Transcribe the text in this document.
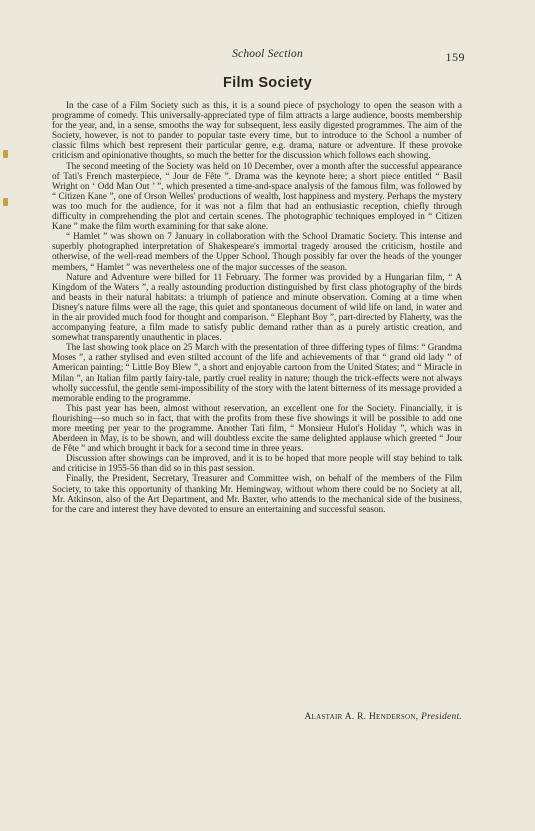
School Section	159
Film Society

In the case of a Film Society such as this, it is a sound piece of psychology to open the season with a programme of comedy. This universally-appreciated type of film attracts a large audience, boosts membership for the year, and, in a sense, smooths the way for subsequent, less easily digested programmes. The aim of the Society, however, is not to pander to popular taste every time, but to introduce to the School a number of classic films which best represent their particular genre, e.g. drama, nature or adventure. If these provoke criticism and opinionative thoughts, so much the better for the discussion which follows each showing.

The second meeting of the Society was held on 10 December, over a month after the successful appearance of Tati's French masterpiece, “ Jour de Fête ”. Drama was the keynote here; a short piece entitled “ Basil Wright on ‘ Odd Man Out ’ ”, which presented a time-and-space analysis of the famous film, was followed by “ Citizen Kane ”, one of Orson Welles' productions of wealth, lost happiness and mystery. Perhaps the mystery was too much for the audience, for it was not a film that had an enthusiastic reception, chiefly through difficulty in comprehending the plot and certain scenes. The photographic techniques employed in “ Citizen Kane ” make the film worth examining for that sake alone.

“ Hamlet ” was shown on 7 January in collaboration with the School Dramatic Society. This intense and superbly photographed interpretation of Shakespeare's immortal tragedy aroused the criticism, hostile and otherwise, of the well-read members of the Upper School. Though possibly far over the heads of the younger members, “ Hamlet ” was nevertheless one of the major successes of the season.

Nature and Adventure were billed for 11 February. The former was provided by a Hungarian film, “ A Kingdom of the Waters ”, a really astounding production distinguished by first class photography of the birds and beasts in their natural habitats: a triumph of patience and minute observation. Coming at a time when Disney's nature films were all the rage, this quiet and spontaneous document of wild life on land, in water and in the air provided much food for thought and comparison. “ Elephant Boy ”, part-directed by Flaherty, was the accompanying feature, a film made to satisfy public demand rather than as a purely artistic creation, and somewhat transparently unauthentic in places.

The last showing took place on 25 March with the presentation of three differing types of films: “ Grandma Moses ”, a rather stylised and even stilted account of the life and achievements of that “ grand old lady ” of American painting; “ Little Boy Blew ”, a short and enjoyable cartoon from the United States; and “ Miracle in Milan ”, an Italian film partly fairy-tale, partly cruel reality in nature; though the trick-effects were not always wholly successful, the gentle semi-impossibility of the story with the latent bitterness of its message provided a memorable ending to the programme.

This past year has been, almost without reservation, an excellent one for the Society. Financially, it is flourishing—so much so in fact, that with the profits from these five showings it will be possible to add one more meeting per year to the programme. Another Tati film, “ Monsieur Hulot's Holiday ”, which was in Aberdeen in May, is to be shown, and will doubtless excite the same delighted applause which greeted “ Jour de Fête ” and which brought it back for a second time in three years.

Discussion after showings can be improved, and it is to be hoped that more people will stay behind to talk and criticise in 1955-56 than did so in this past session.

Finally, the President, Secretary, Treasurer and Committee wish, on behalf of the members of the Film Society, to take this opportunity of thanking Mr. Hemingway, without whom there could be no Society at all, Mr. Atkinson, also of the Art Department, and Mr. Baxter, who attends to the mechanical side of the business, for the care and interest they have devoted to ensure an entertaining and successful season.

Alastair A. R. Henderson, President.
